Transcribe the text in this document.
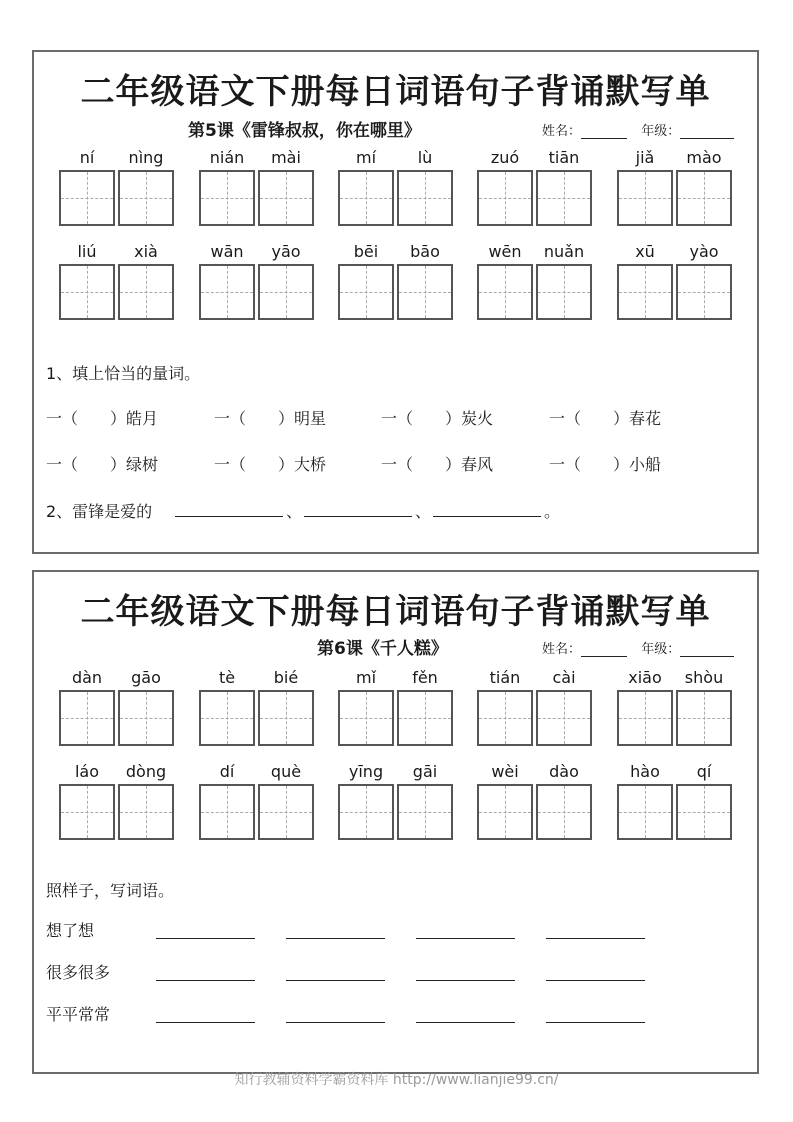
二年级语文下册每日词语句子背诵默写单
第5课《雷锋叔叔，你在哪里》	姓名：	年级：
1、填上恰当的量词。
一（　　）皓月	一（　　）明星	一（　　）炭火	一（　　）春花
一（　　）绿树	一（　　）大桥	一（　　）春风	一（　　）小船
2、雷锋是爱的	、	、	。
ní	nìng	nián	mài	mí	lù	zuó	tiān	jiǎ	mào
liú	xià	wān	yāo	bēi	bāo	wēn	nuǎn	xū	yào
二年级语文下册每日词语句子背诵默写单
第6课《千人糕》	姓名：	年级：
照样子，写词语。
想了想
很多很多
平平常常
dàn	gāo	tè	bié	mǐ	fěn	tián	cài	xiāo	shòu
láo	dòng	dí	què	yīng	gāi	wèi	dào	hào	qí
知行教辅资料学霸资料库 http://www.lianjie99.cn/
